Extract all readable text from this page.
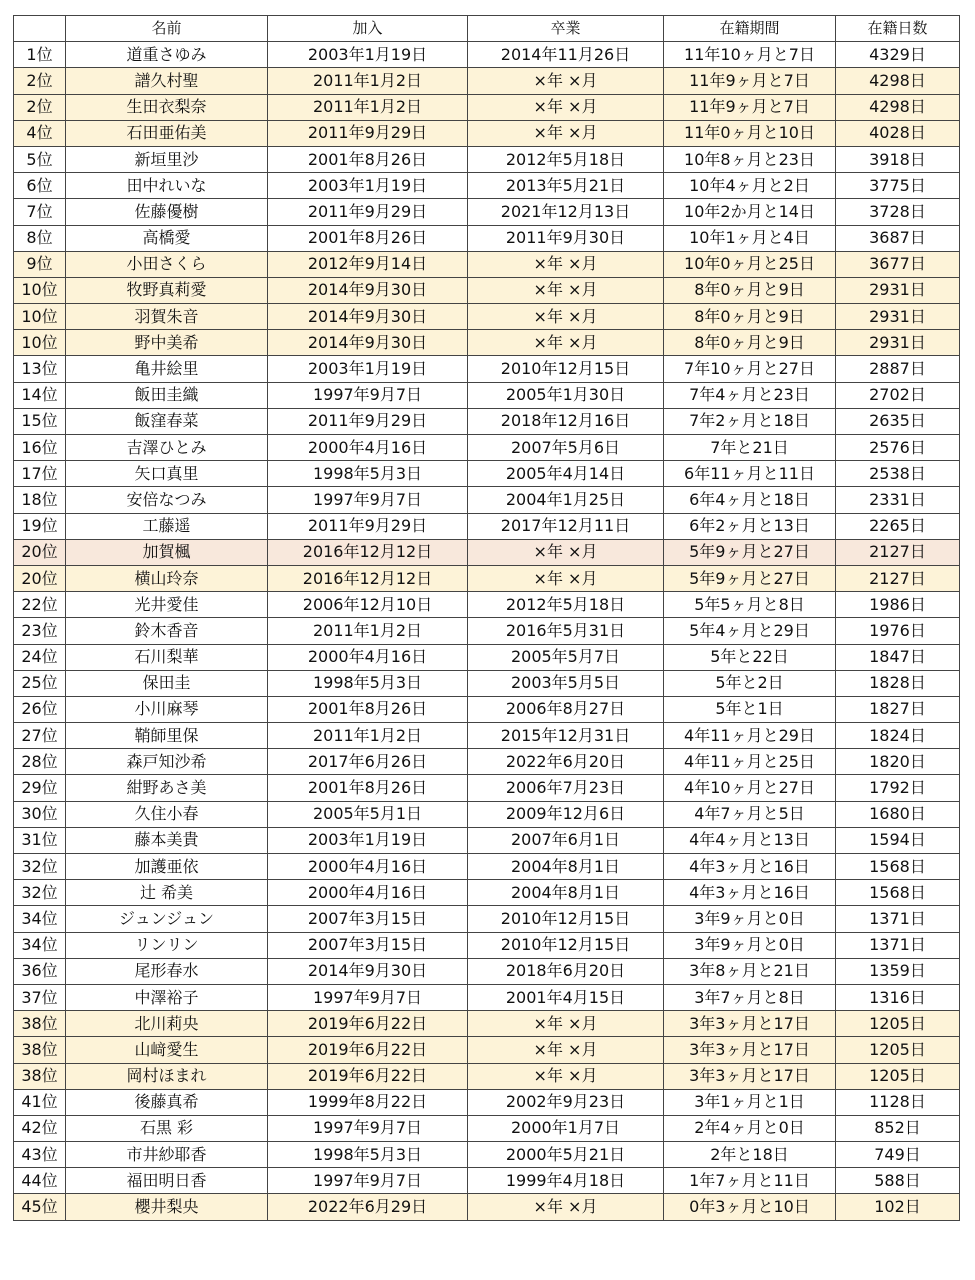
	名前	加入	卒業	在籍期間	在籍日数
1位	道重さゆみ	2003年1月19日	2014年11月26日	11年10ヶ月と7日	4329日
2位	譜久村聖	2011年1月2日	×年 ×月	11年9ヶ月と7日	4298日
2位	生田衣梨奈	2011年1月2日	×年 ×月	11年9ヶ月と7日	4298日
4位	石田亜佑美	2011年9月29日	×年 ×月	11年0ヶ月と10日	4028日
5位	新垣里沙	2001年8月26日	2012年5月18日	10年8ヶ月と23日	3918日
6位	田中れいな	2003年1月19日	2013年5月21日	10年4ヶ月と2日	3775日
7位	佐藤優樹	2011年9月29日	2021年12月13日	10年2か月と14日	3728日
8位	高橋愛	2001年8月26日	2011年9月30日	10年1ヶ月と4日	3687日
9位	小田さくら	2012年9月14日	×年 ×月	10年0ヶ月と25日	3677日
10位	牧野真莉愛	2014年9月30日	×年 ×月	8年0ヶ月と9日	2931日
10位	羽賀朱音	2014年9月30日	×年 ×月	8年0ヶ月と9日	2931日
10位	野中美希	2014年9月30日	×年 ×月	8年0ヶ月と9日	2931日
13位	亀井絵里	2003年1月19日	2010年12月15日	7年10ヶ月と27日	2887日
14位	飯田圭織	1997年9月7日	2005年1月30日	7年4ヶ月と23日	2702日
15位	飯窪春菜	2011年9月29日	2018年12月16日	7年2ヶ月と18日	2635日
16位	吉澤ひとみ	2000年4月16日	2007年5月6日	7年と21日	2576日
17位	矢口真里	1998年5月3日	2005年4月14日	6年11ヶ月と11日	2538日
18位	安倍なつみ	1997年9月7日	2004年1月25日	6年4ヶ月と18日	2331日
19位	工藤遥	2011年9月29日	2017年12月11日	6年2ヶ月と13日	2265日
20位	加賀楓	2016年12月12日	×年 ×月	5年9ヶ月と27日	2127日
20位	横山玲奈	2016年12月12日	×年 ×月	5年9ヶ月と27日	2127日
22位	光井愛佳	2006年12月10日	2012年5月18日	5年5ヶ月と8日	1986日
23位	鈴木香音	2011年1月2日	2016年5月31日	5年4ヶ月と29日	1976日
24位	石川梨華	2000年4月16日	2005年5月7日	5年と22日	1847日
25位	保田圭	1998年5月3日	2003年5月5日	5年と2日	1828日
26位	小川麻琴	2001年8月26日	2006年8月27日	5年と1日	1827日
27位	鞘師里保	2011年1月2日	2015年12月31日	4年11ヶ月と29日	1824日
28位	森戸知沙希	2017年6月26日	2022年6月20日	4年11ヶ月と25日	1820日
29位	紺野あさ美	2001年8月26日	2006年7月23日	4年10ヶ月と27日	1792日
30位	久住小春	2005年5月1日	2009年12月6日	4年7ヶ月と5日	1680日
31位	藤本美貴	2003年1月19日	2007年6月1日	4年4ヶ月と13日	1594日
32位	加護亜依	2000年4月16日	2004年8月1日	4年3ヶ月と16日	1568日
32位	辻 希美	2000年4月16日	2004年8月1日	4年3ヶ月と16日	1568日
34位	ジュンジュン	2007年3月15日	2010年12月15日	3年9ヶ月と0日	1371日
34位	リンリン	2007年3月15日	2010年12月15日	3年9ヶ月と0日	1371日
36位	尾形春水	2014年9月30日	2018年6月20日	3年8ヶ月と21日	1359日
37位	中澤裕子	1997年9月7日	2001年4月15日	3年7ヶ月と8日	1316日
38位	北川莉央	2019年6月22日	×年 ×月	3年3ヶ月と17日	1205日
38位	山﨑愛生	2019年6月22日	×年 ×月	3年3ヶ月と17日	1205日
38位	岡村ほまれ	2019年6月22日	×年 ×月	3年3ヶ月と17日	1205日
41位	後藤真希	1999年8月22日	2002年9月23日	3年1ヶ月と1日	1128日
42位	石黒 彩	1997年9月7日	2000年1月7日	2年4ヶ月と0日	852日
43位	市井紗耶香	1998年5月3日	2000年5月21日	2年と18日	749日
44位	福田明日香	1997年9月7日	1999年4月18日	1年7ヶ月と11日	588日
45位	櫻井梨央	2022年6月29日	×年 ×月	0年3ヶ月と10日	102日
